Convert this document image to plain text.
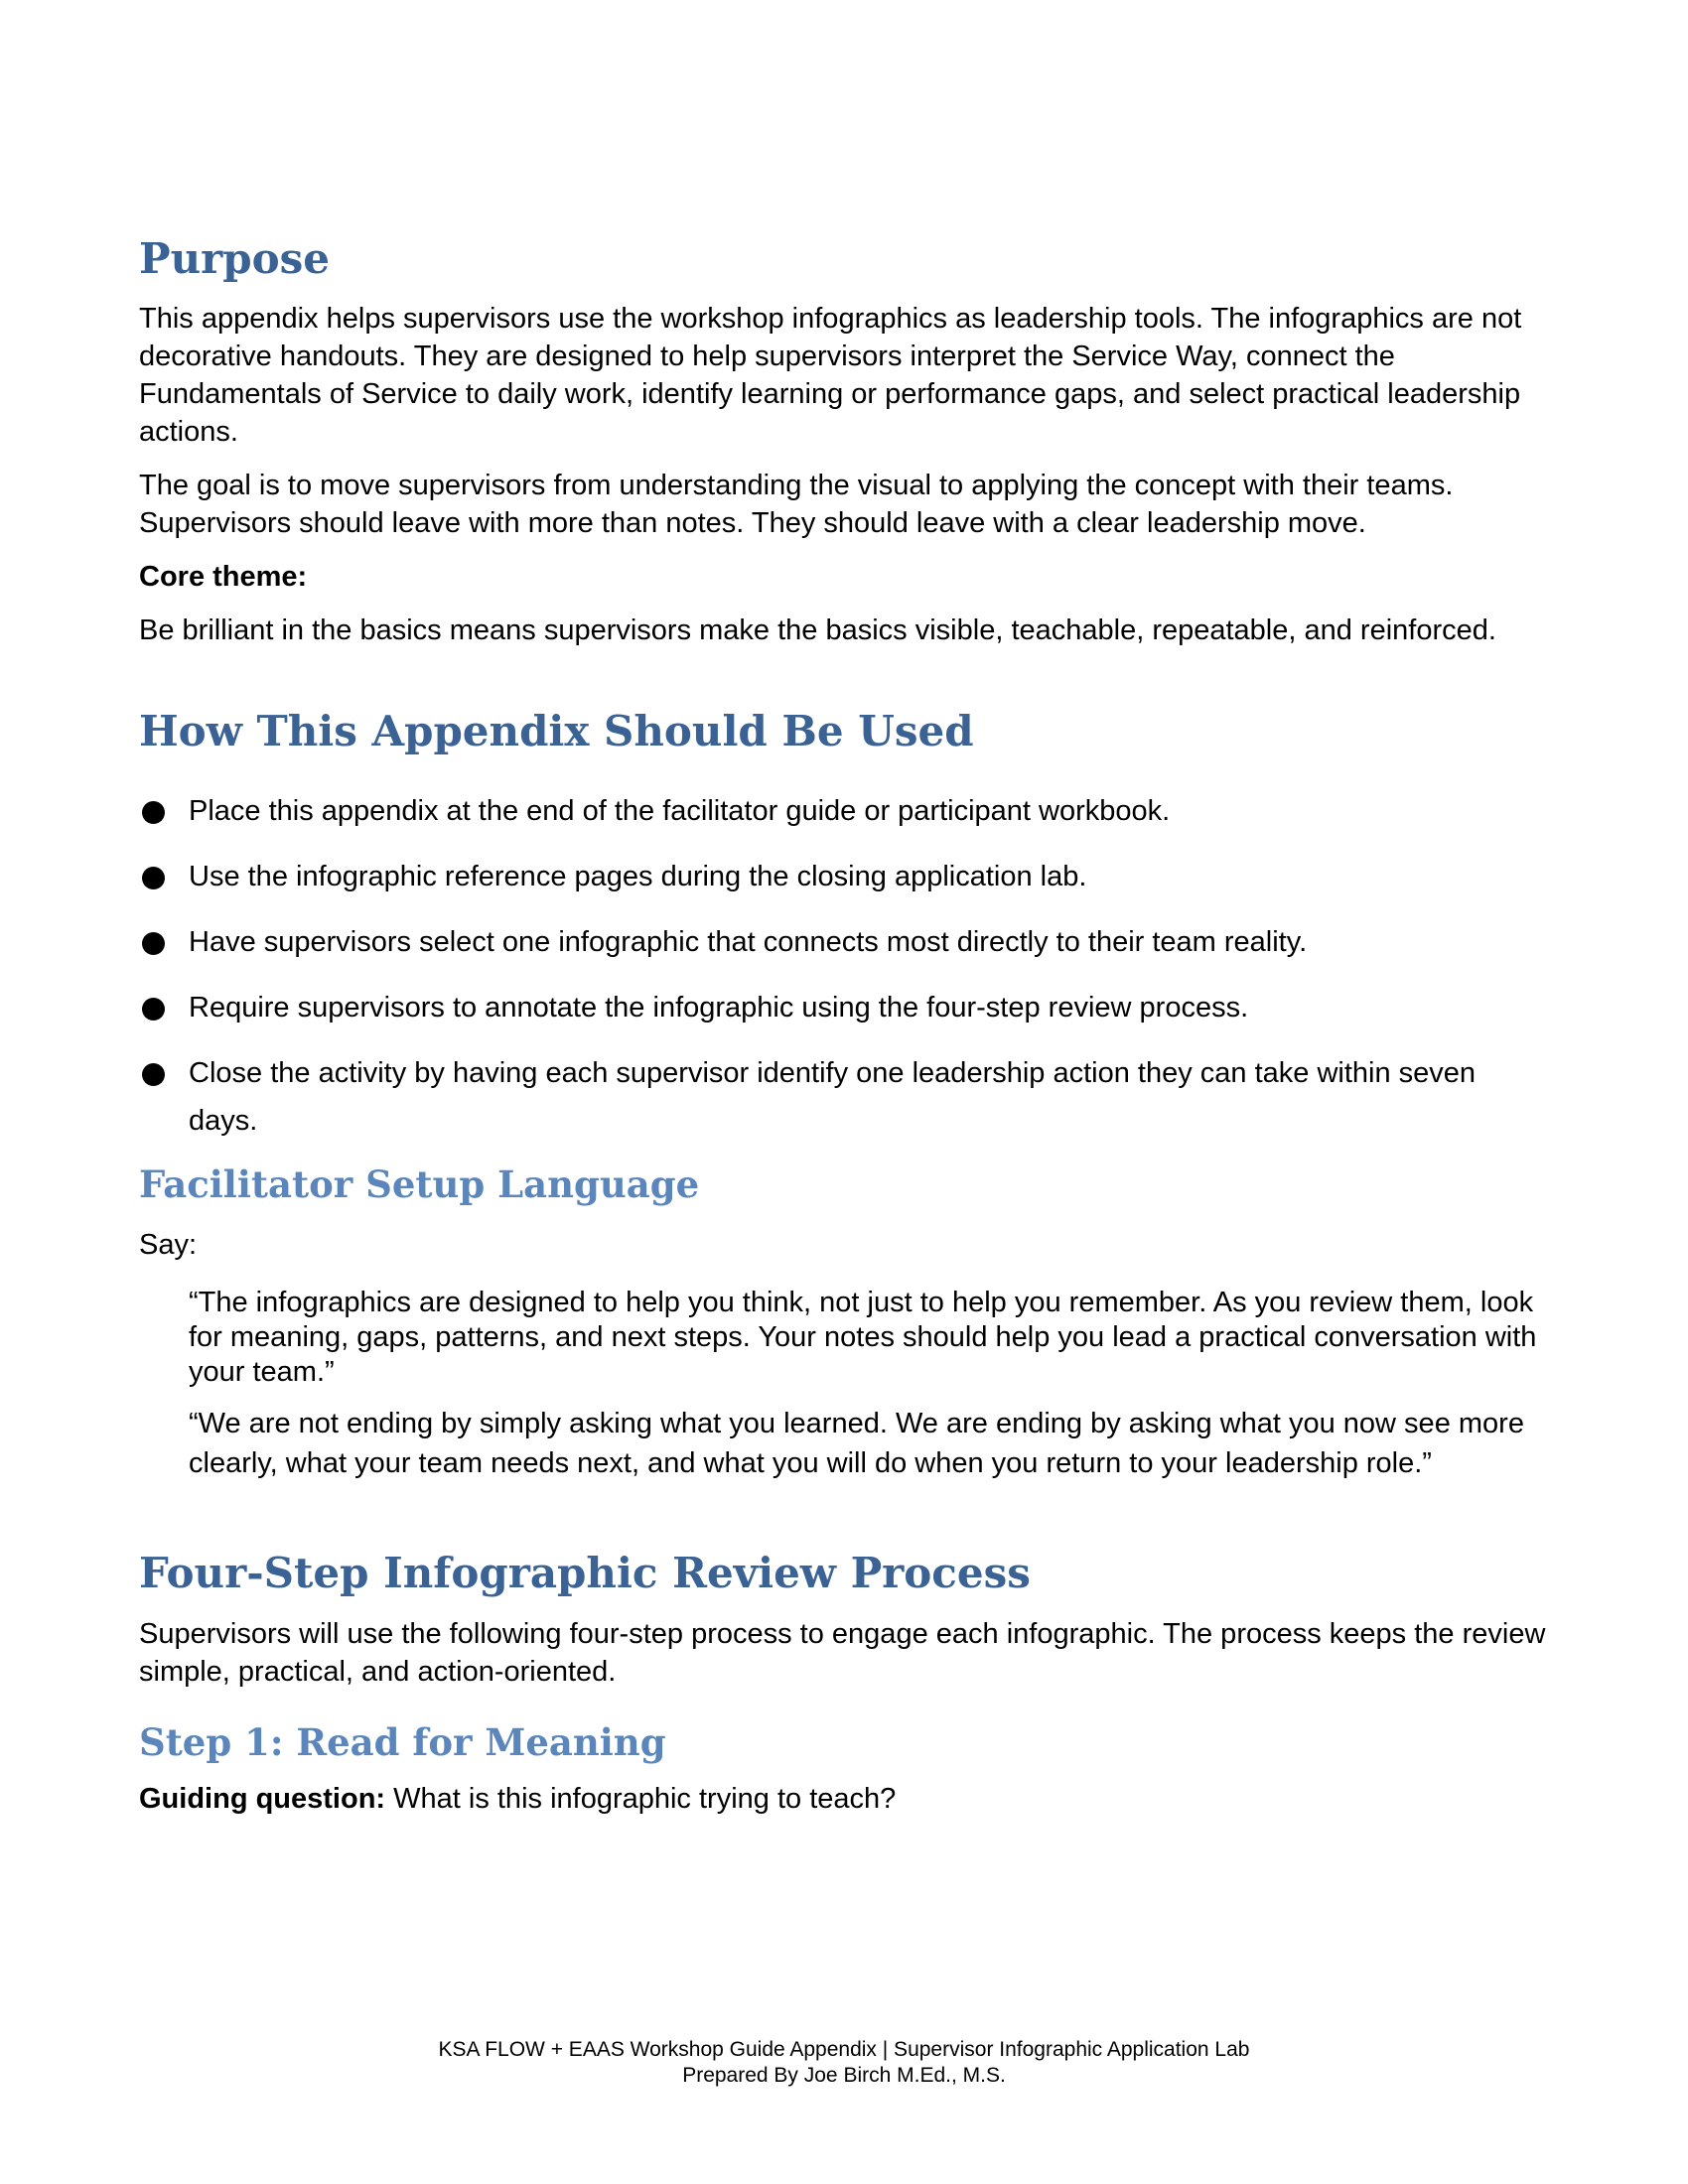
Purpose

This appendix helps supervisors use the workshop infographics as leadership tools. The infographics are not decorative handouts. They are designed to help supervisors interpret the Service Way, connect the Fundamentals of Service to daily work, identify learning or performance gaps, and select practical leadership actions.

The goal is to move supervisors from understanding the visual to applying the concept with their teams. Supervisors should leave with more than notes. They should leave with a clear leadership move.

Core theme:

Be brilliant in the basics means supervisors make the basics visible, teachable, repeatable, and reinforced.

How This Appendix Should Be Used
Place this appendix at the end of the facilitator guide or participant workbook.
Use the infographic reference pages during the closing application lab.
Have supervisors select one infographic that connects most directly to their team reality.
Require supervisors to annotate the infographic using the four-step review process.
Close the activity by having each supervisor identify one leadership action they can take within seven days.
Facilitator Setup Language

Say:

“The infographics are designed to help you think, not just to help you remember. As you review them, look for meaning, gaps, patterns, and next steps. Your notes should help you lead a practical conversation with your team.”

“We are not ending by simply asking what you learned. We are ending by asking what you now see more clearly, what your team needs next, and what you will do when you return to your leadership role.”

Four-Step Infographic Review Process

Supervisors will use the following four-step process to engage each infographic. The process keeps the review simple, practical, and action-oriented.

Step 1: Read for Meaning

Guiding question: What is this infographic trying to teach?

KSA FLOW + EAAS Workshop Guide Appendix | Supervisor Infographic Application Lab
Prepared By Joe Birch M.Ed., M.S.
